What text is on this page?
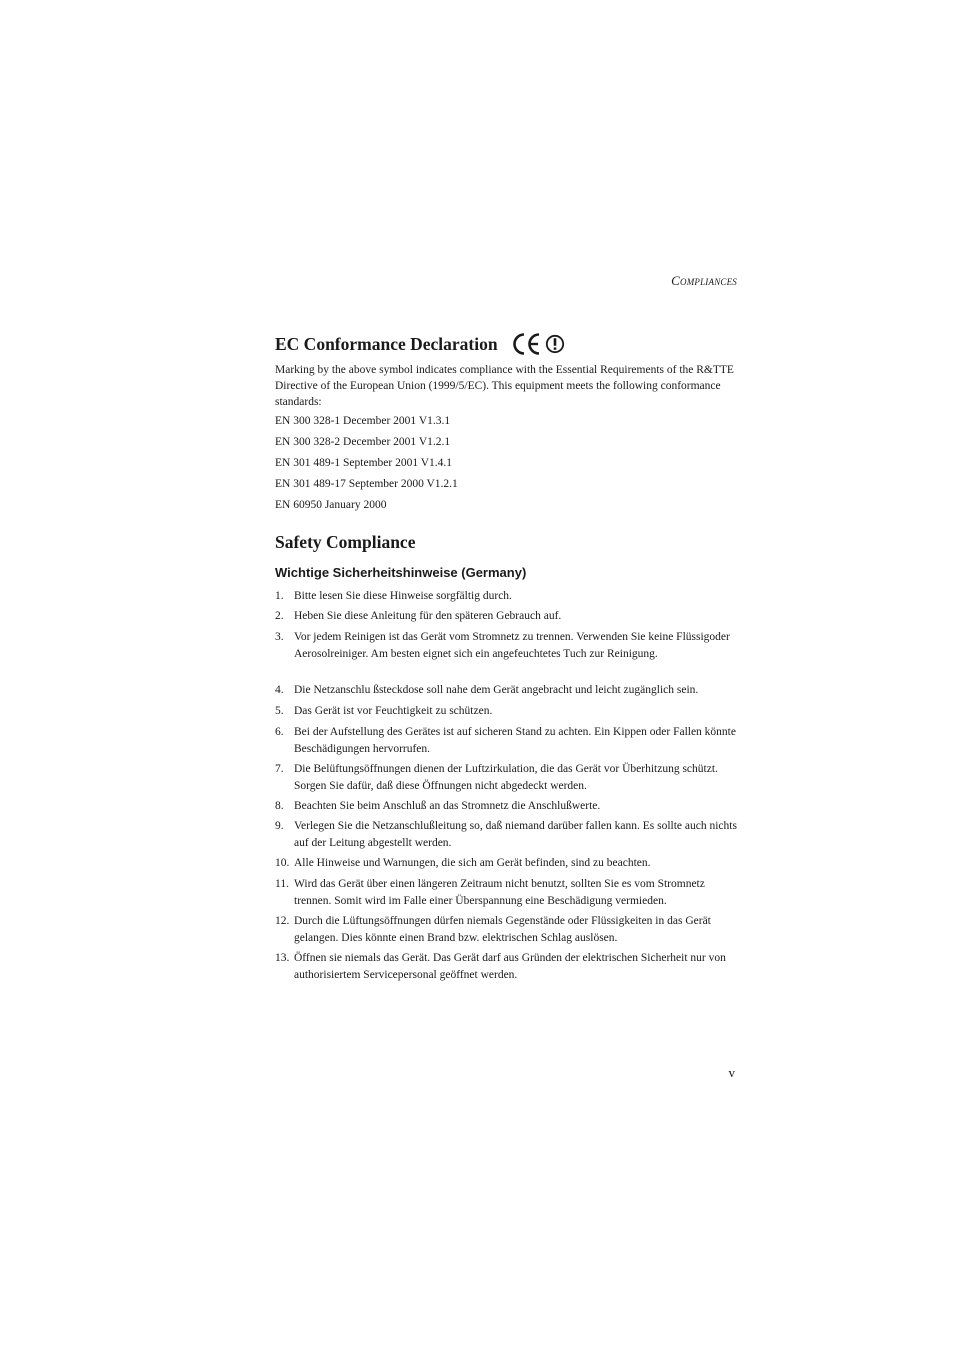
Compliances
EC Conformance Declaration

Marking by the above symbol indicates compliance with the Essential Requirements of the R&TTE Directive of the European Union (1999/5/EC). This equipment meets the following conformance standards:

EN 300 328-1 December 2001 V1.3.1
EN 300 328-2 December 2001 V1.2.1
EN 301 489-1 September 2001 V1.4.1
EN 301 489-17 September 2000 V1.2.1
EN 60950 January 2000
Safety Compliance
Wichtige Sicherheitshinweise (Germany)
1. Bitte lesen Sie diese Hinweise sorgfältig durch.
2. Heben Sie diese Anleitung für den späteren Gebrauch auf.
3. Vor jedem Reinigen ist das Gerät vom Stromnetz zu trennen. Verwenden Sie keine Flüssigoder Aerosolreiniger. Am besten eignet sich ein angefeuchtetes Tuch zur Reinigung.
4. Die Netzanschlu ßsteckdose soll nahe dem Gerät angebracht und leicht zugänglich sein.
5. Das Gerät ist vor Feuchtigkeit zu schützen.
6. Bei der Aufstellung des Gerätes ist auf sicheren Stand zu achten. Ein Kippen oder Fallen könnte Beschädigungen hervorrufen.
7. Die Belüftungsöffnungen dienen der Luftzirkulation, die das Gerät vor Überhitzung schützt. Sorgen Sie dafür, daß diese Öffnungen nicht abgedeckt werden.
8. Beachten Sie beim Anschluß an das Stromnetz die Anschlußwerte.
9. Verlegen Sie die Netzanschlußleitung so, daß niemand darüber fallen kann. Es sollte auch nichts auf der Leitung abgestellt werden.
10. Alle Hinweise und Warnungen, die sich am Gerät befinden, sind zu beachten.
11. Wird das Gerät über einen längeren Zeitraum nicht benutzt, sollten Sie es vom Stromnetz trennen. Somit wird im Falle einer Überspannung eine Beschädigung vermieden.
12. Durch die Lüftungsöffnungen dürfen niemals Gegenstände oder Flüssigkeiten in das Gerät gelangen. Dies könnte einen Brand bzw. elektrischen Schlag auslösen.
13. Öffnen sie niemals das Gerät. Das Gerät darf aus Gründen der elektrischen Sicherheit nur von authorisiertem Servicepersonal geöffnet werden.
v
